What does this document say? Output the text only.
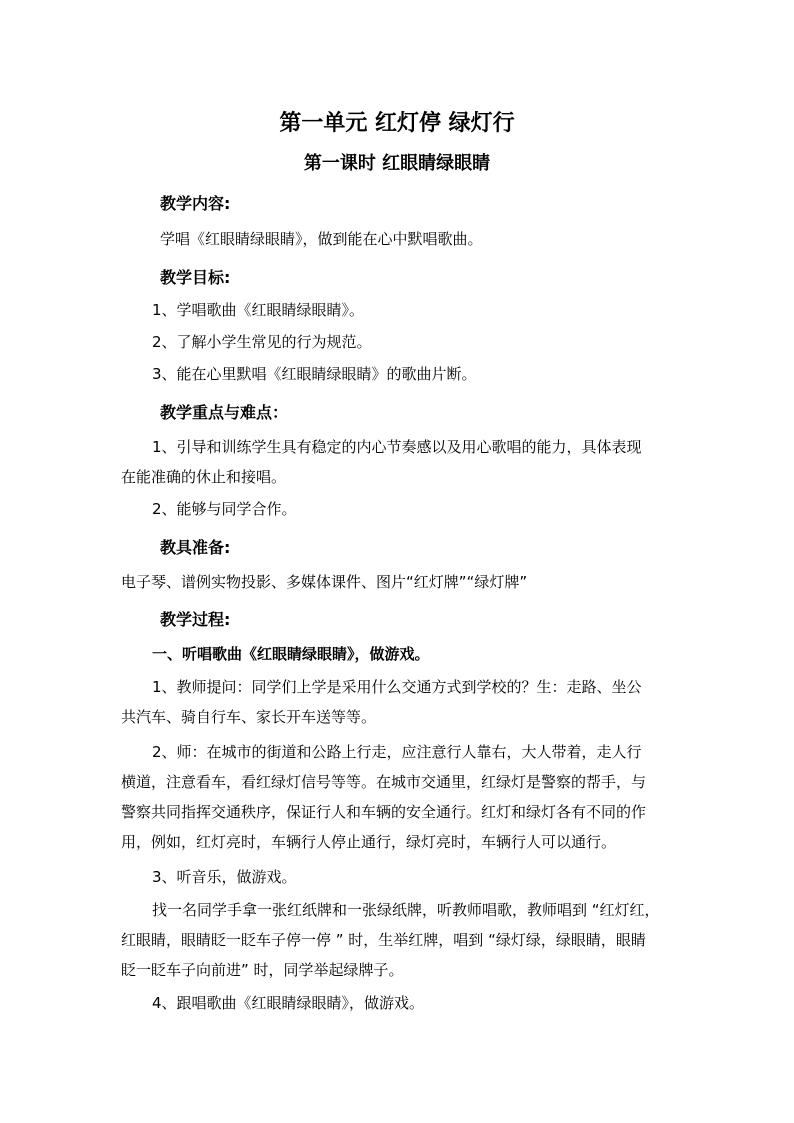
第一单元 红灯停 绿灯行
第一课时 红眼睛绿眼睛
教学内容:
学唱《红眼睛绿眼睛》，做到能在心中默唱歌曲。
教学目标:
1、学唱歌曲《红眼睛绿眼睛》。
2、了解小学生常见的行为规范。
3、能在心里默唱《红眼睛绿眼睛》的歌曲片断。
教学重点与难点：
1、引导和训练学生具有稳定的内心节奏感以及用心歌唱的能力，具体表现
在能准确的休止和接唱。
2、能够与同学合作。
教具准备:
电子琴、谱例实物投影、多媒体课件、图片“红灯牌”“绿灯牌”
教学过程:
一、听唱歌曲《红眼睛绿眼睛》，做游戏。
1、教师提问：同学们上学是采用什么交通方式到学校的？生：走路、坐公
共汽车、骑自行车、家长开车送等等。
2、师：在城市的街道和公路上行走，应注意行人靠右，大人带着，走人行
横道，注意看车，看红绿灯信号等等。在城市交通里，红绿灯是警察的帮手，与
警察共同指挥交通秩序，保证行人和车辆的安全通行。红灯和绿灯各有不同的作
用，例如，红灯亮时，车辆行人停止通行，绿灯亮时，车辆行人可以通行。
3、听音乐，做游戏。
找一名同学手拿一张红纸牌和一张绿纸牌，听教师唱歌，教师唱到 “红灯红，
红眼睛，眼睛眨一眨车子停一停 ” 时，生举红牌，唱到 “绿灯绿，绿眼睛，眼睛
眨一眨车子向前进” 时，同学举起绿牌子。
4、跟唱歌曲《红眼睛绿眼睛》，做游戏。
